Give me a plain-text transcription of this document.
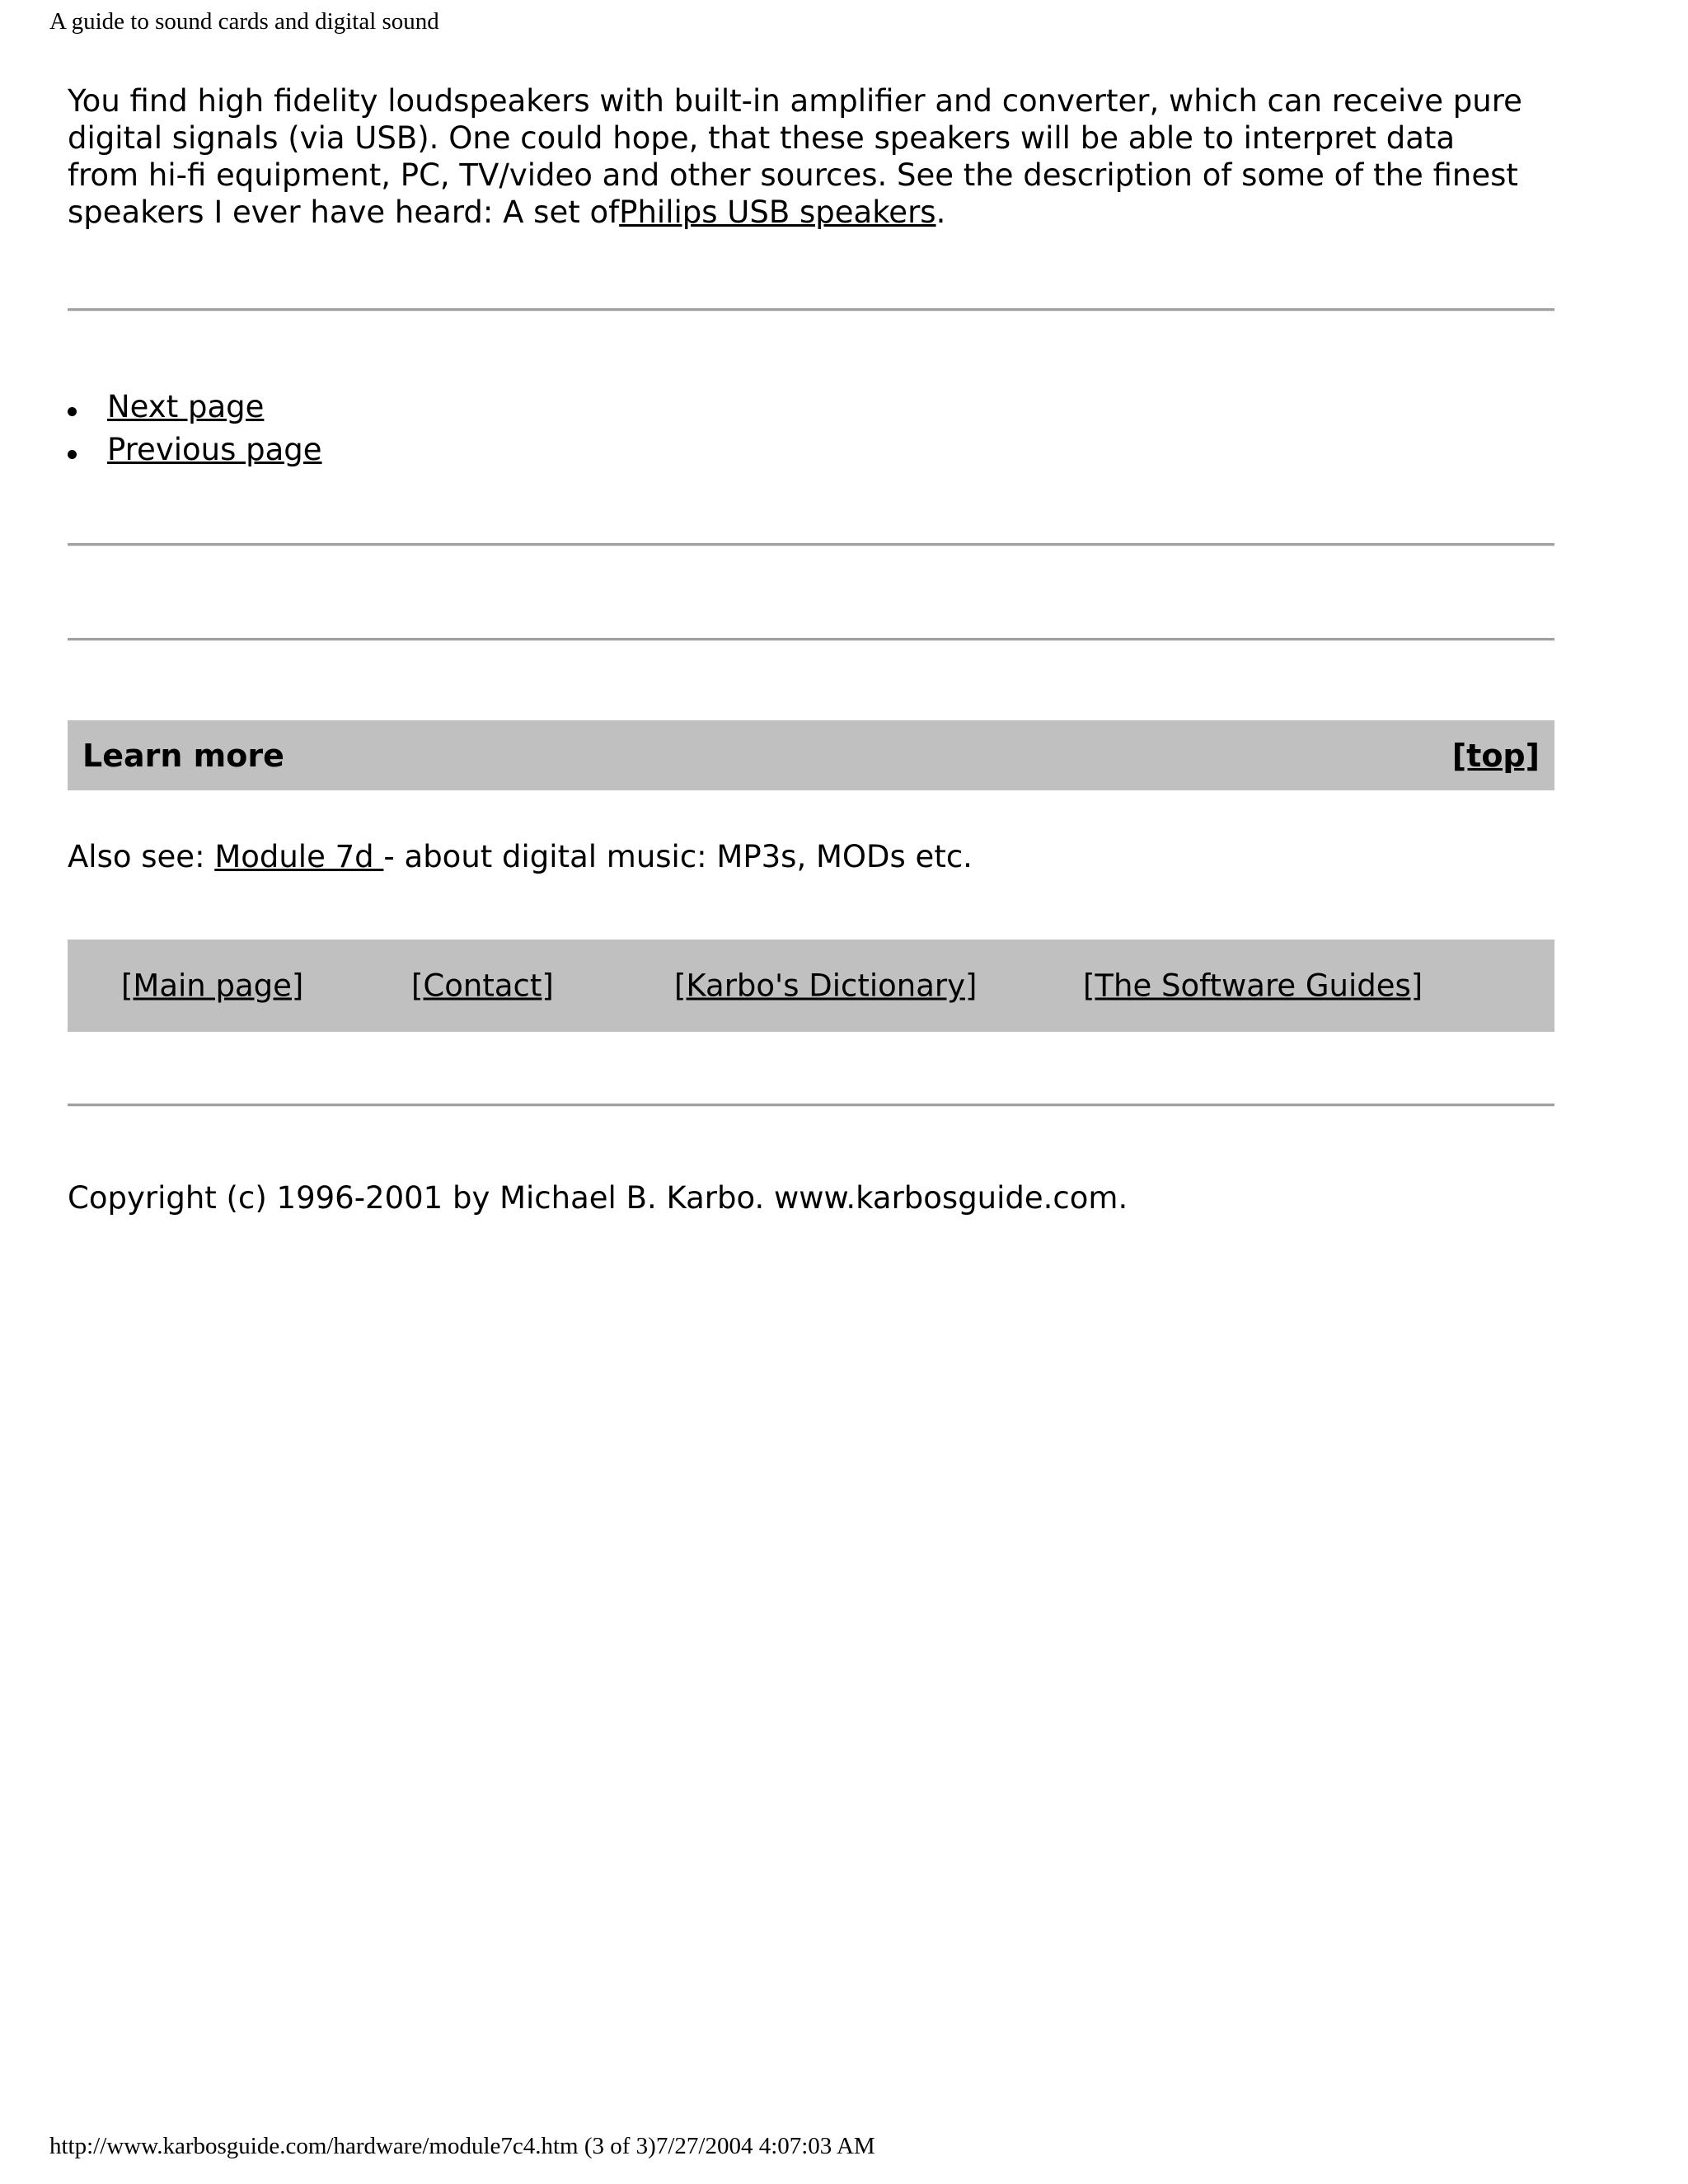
A guide to sound cards and digital sound

You find high fidelity loudspeakers with built-in amplifier and converter, which can receive pure digital signals (via USB). One could hope, that these speakers will be able to interpret data from hi-fi equipment, PC, TV/video and other sources. See the description of some of the finest speakers I ever have heard: A set ofPhilips USB speakers.

Next page
Previous page
Learn more	[top]
Also see: Module 7d - about digital music: MP3s, MODs etc.
[Main page]	[Contact]	[Karbo's Dictionary]	[The Software Guides]
Copyright (c) 1996-2001 by Michael B. Karbo. www.karbosguide.com.
http://www.karbosguide.com/hardware/module7c4.htm (3 of 3)7/27/2004 4:07:03 AM
